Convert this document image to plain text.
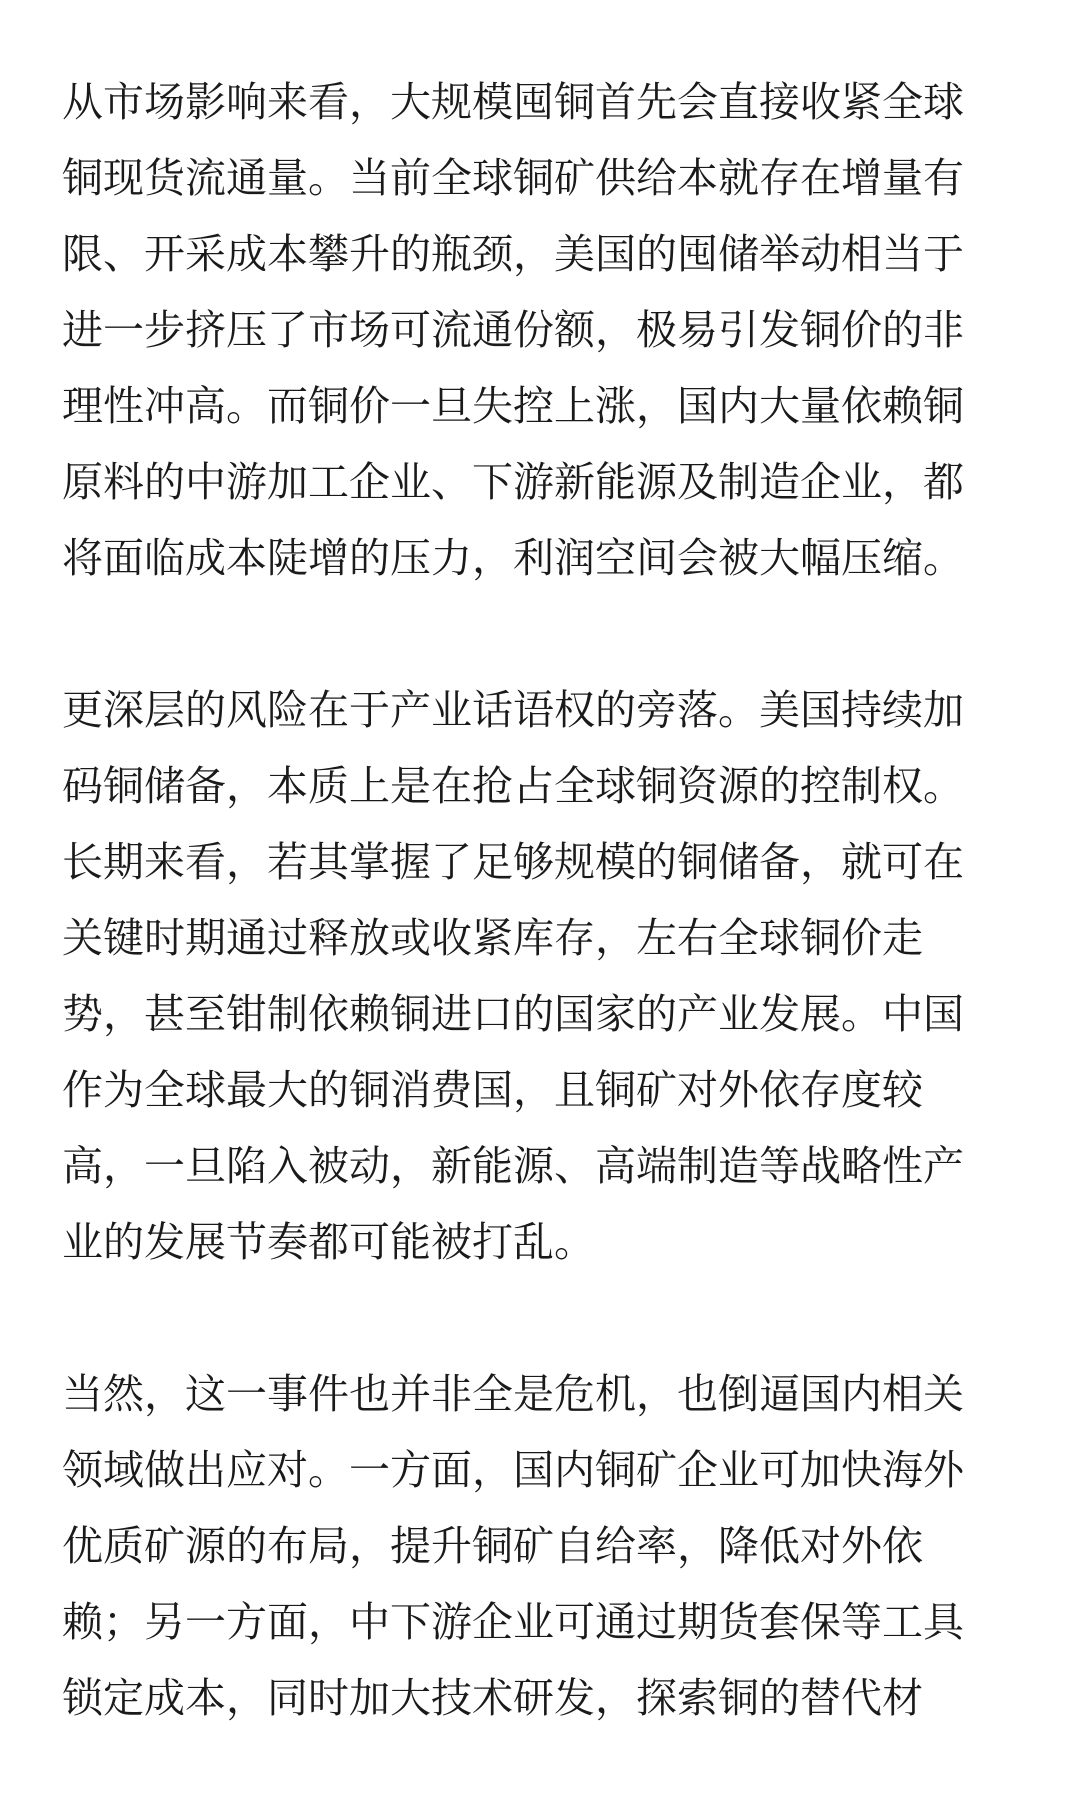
从市场影响来看，大规模囤铜首先会直接收紧全球
铜现货流通量。当前全球铜矿供给本就存在增量有
限、开采成本攀升的瓶颈，美国的囤储举动相当于
进一步挤压了市场可流通份额，极易引发铜价的非
理性冲高。而铜价一旦失控上涨，国内大量依赖铜
原料的中游加工企业、下游新能源及制造企业，都
将面临成本陡增的压力，利润空间会被大幅压缩。
更深层的风险在于产业话语权的旁落。美国持续加
码铜储备，本质上是在抢占全球铜资源的控制权。
长期来看，若其掌握了足够规模的铜储备，就可在
关键时期通过释放或收紧库存，左右全球铜价走
势，甚至钳制依赖铜进口的国家的产业发展。中国
作为全球最大的铜消费国，且铜矿对外依存度较
高，一旦陷入被动，新能源、高端制造等战略性产
业的发展节奏都可能被打乱。
当然，这一事件也并非全是危机，也倒逼国内相关
领域做出应对。一方面，国内铜矿企业可加快海外
优质矿源的布局，提升铜矿自给率，降低对外依
赖；另一方面，中下游企业可通过期货套保等工具
锁定成本，同时加大技术研发，探索铜的替代材
